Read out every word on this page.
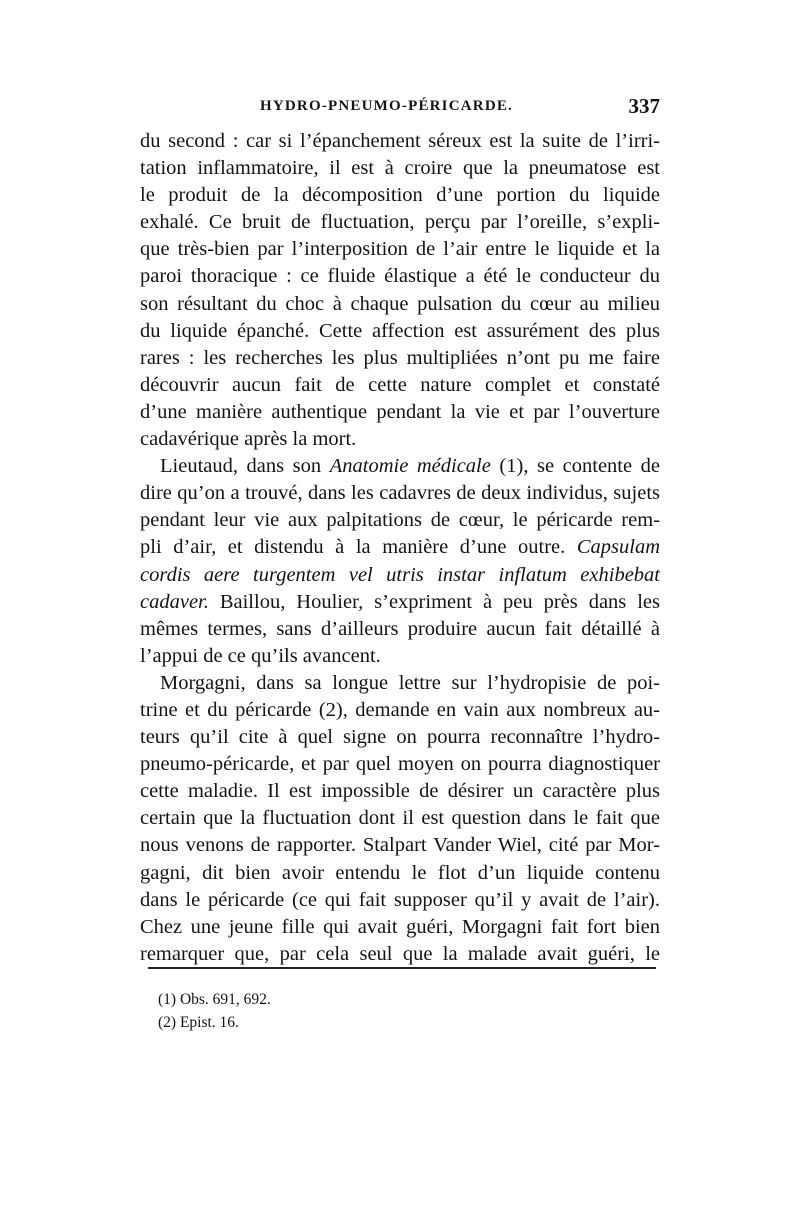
HYDRO-PNEUMO-PÉRICARDE.	337
du second : car si l’épanchement séreux est la suite de l’irri-
tation inflammatoire, il est à croire que la pneumatose est
le produit de la décomposition d’une portion du liquide
exhalé. Ce bruit de fluctuation, perçu par l’oreille, s’expli-
que très-bien par l’interposition de l’air entre le liquide et la
paroi thoracique : ce fluide élastique a été le conducteur du
son résultant du choc à chaque pulsation du cœur au milieu
du liquide épanché. Cette affection est assurément des plus
rares : les recherches les plus multipliées n’ont pu me faire
découvrir aucun fait de cette nature complet et constaté
d’une manière authentique pendant la vie et par l’ouverture
cadavérique après la mort.
Lieutaud, dans son Anatomie médicale (1), se contente de
dire qu’on a trouvé, dans les cadavres de deux individus, sujets
pendant leur vie aux palpitations de cœur, le péricarde rem-
pli d’air, et distendu à la manière d’une outre. Capsulam
cordis aere turgentem vel utris instar inflatum exhibebat
cadaver. Baillou, Houlier, s’expriment à peu près dans les
mêmes termes, sans d’ailleurs produire aucun fait détaillé à
l’appui de ce qu’ils avancent.
Morgagni, dans sa longue lettre sur l’hydropisie de poi-
trine et du péricarde (2), demande en vain aux nombreux au-
teurs qu’il cite à quel signe on pourra reconnaître l’hydro-
pneumo-péricarde, et par quel moyen on pourra diagnostiquer
cette maladie. Il est impossible de désirer un caractère plus
certain que la fluctuation dont il est question dans le fait que
nous venons de rapporter. Stalpart Vander Wiel, cité par Mor-
gagni, dit bien avoir entendu le flot d’un liquide contenu
dans le péricarde (ce qui fait supposer qu’il y avait de l’air).
Chez une jeune fille qui avait guéri, Morgagni fait fort bien
remarquer que, par cela seul que la malade avait guéri, le
(1) Obs. 691, 692.
(2) Epist. 16.
